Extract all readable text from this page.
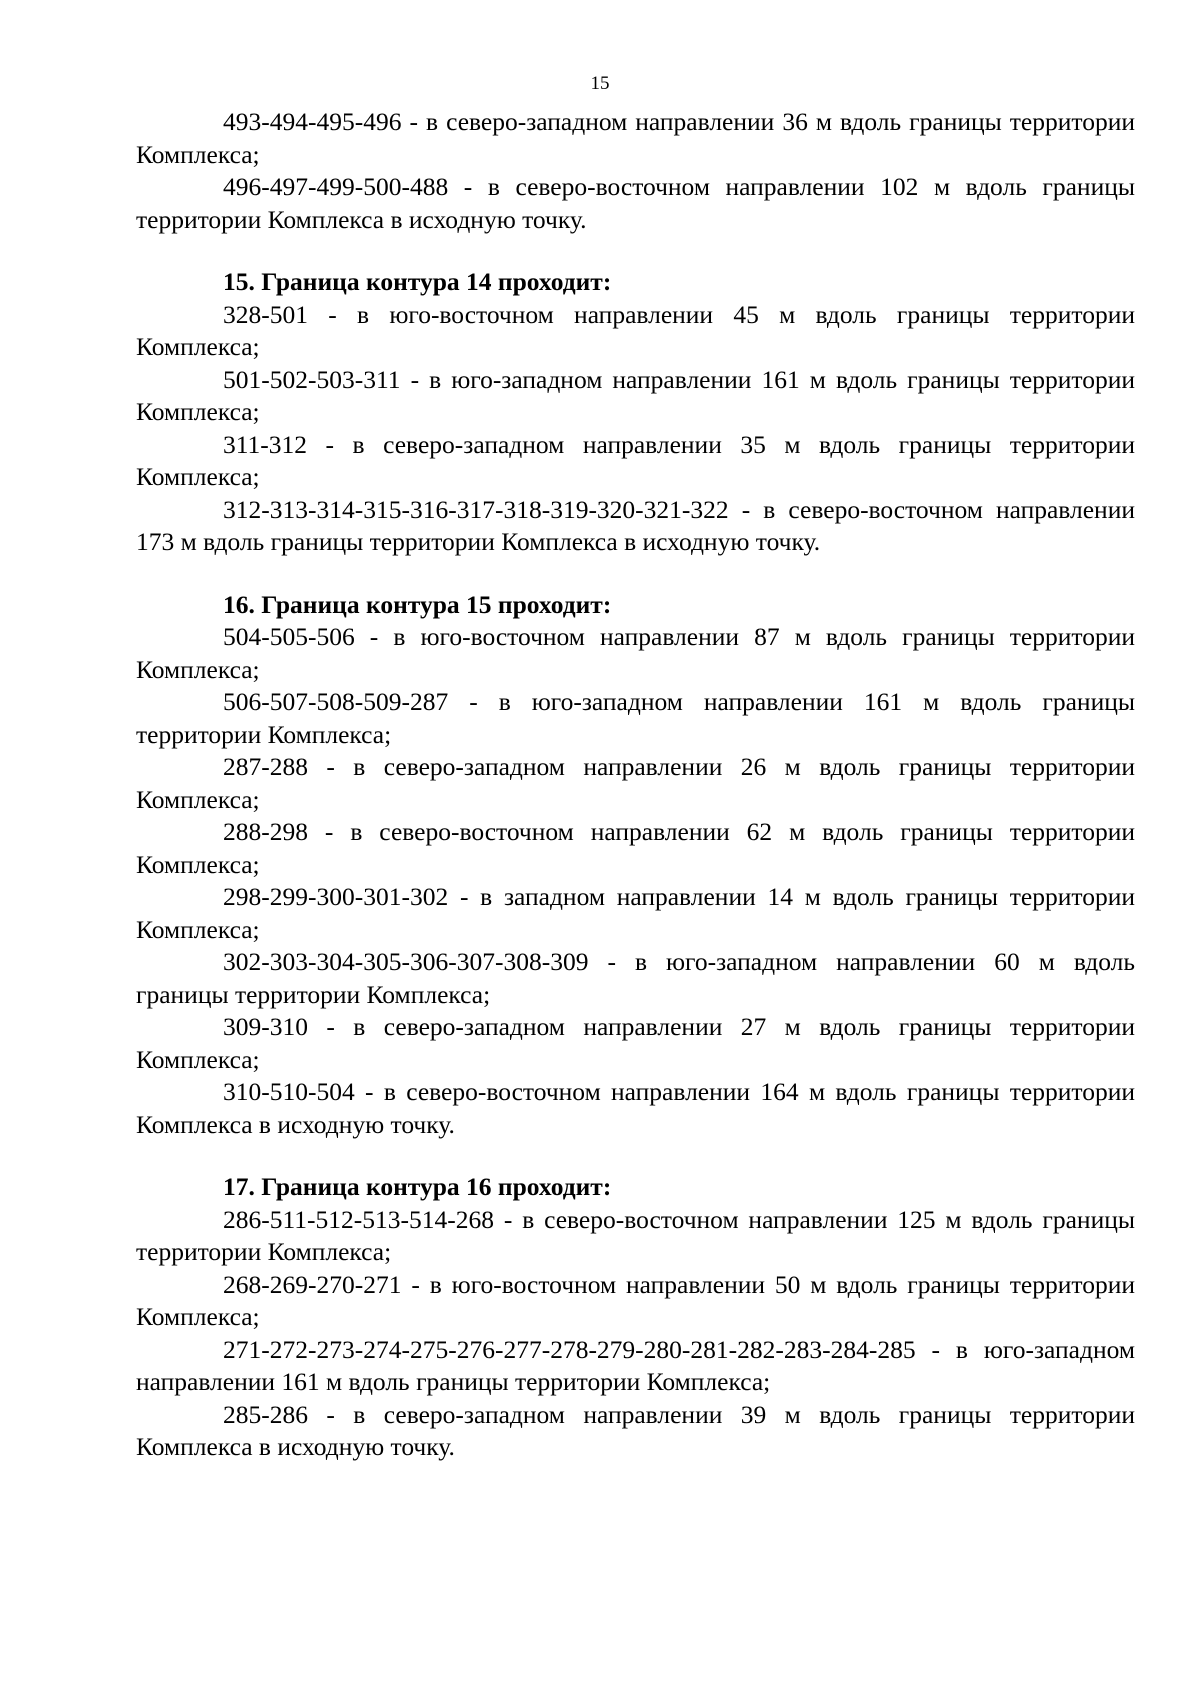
15

493-494-495-496 - в северо-западном направлении 36 м вдоль границы территории Комплекса;

496-497-499-500-488 - в северо-восточном направлении 102 м вдоль границы территории Комплекса в исходную точку.

15. Граница контура 14 проходит:

328-501 - в юго-восточном направлении 45 м вдоль границы территории Комплекса;

501-502-503-311 - в юго-западном направлении 161 м вдоль границы территории Комплекса;

311-312 - в северо-западном направлении 35 м вдоль границы территории Комплекса;

312-313-314-315-316-317-318-319-320-321-322 - в северо-восточном направлении 173 м вдоль границы территории Комплекса в исходную точку.

16. Граница контура 15 проходит:

504-505-506 - в юго-восточном направлении 87 м вдоль границы территории Комплекса;

506-507-508-509-287 - в юго-западном направлении 161 м вдоль границы территории Комплекса;

287-288 - в северо-западном направлении 26 м вдоль границы территории Комплекса;

288-298 - в северо-восточном направлении 62 м вдоль границы территории Комплекса;

298-299-300-301-302 - в западном направлении 14 м вдоль границы территории Комплекса;

302-303-304-305-306-307-308-309 - в юго-западном направлении 60 м вдоль границы территории Комплекса;

309-310 - в северо-западном направлении 27 м вдоль границы территории Комплекса;

310-510-504 - в северо-восточном направлении 164 м вдоль границы территории Комплекса в исходную точку.

17. Граница контура 16 проходит:

286-511-512-513-514-268 - в северо-восточном направлении 125 м вдоль границы территории Комплекса;

268-269-270-271 - в юго-восточном направлении 50 м вдоль границы территории Комплекса;

271-272-273-274-275-276-277-278-279-280-281-282-283-284-285 - в юго-западном направлении 161 м вдоль границы территории Комплекса;

285-286 - в северо-западном направлении 39 м вдоль границы территории Комплекса в исходную точку.
